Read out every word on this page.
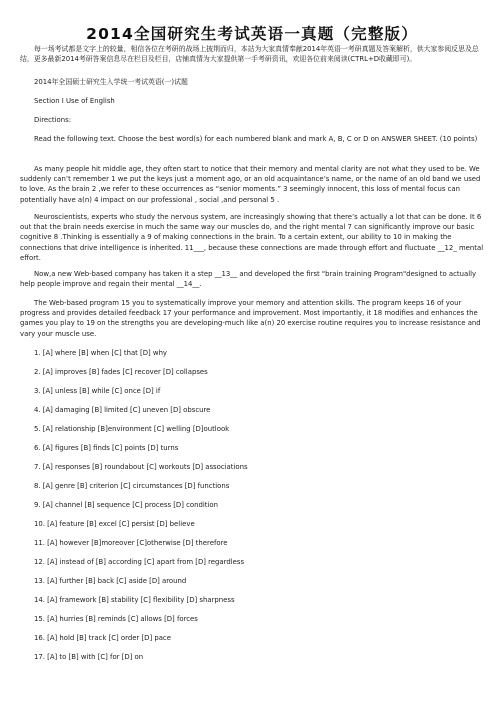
2014全国研究生考试英语一真题（完整版）

每一场考试都是文字上的较量，相信各位在考研的战场上披荆而归，本站为大家真情奉献2014年英语一考研真题及答案解析，供大家参阅反思及总结，更多最新2014考研答案信息尽在栏目及栏目，店铺真情为大家提供第一手考研资讯，欢迎各位前来阅读(CTRL+D收藏即可)。

2014年全国硕士研究生入学统一考试英语(一)试题

Section I Use of English

Directions:

Read the following text. Choose the best word(s) for each numbered blank and mark A, B, C or D on ANSWER SHEET. (10 points)

As many people hit middle age, they often start to notice that their memory and mental clarity are not what they used to be. We suddenly can’t remember 1 we put the keys just a moment ago, or an old acquaintance’s name, or the name of an old band we used to love. As the brain 2 ,we refer to these occurrences as “senior moments.” 3 seemingly innocent, this loss of mental focus can potentially have a(n) 4 impact on our professional , social ,and personal 5 .

Neuroscientists, experts who study the nervous system, are increasingly showing that there’s actually a lot that can be done. It 6 out that the brain needs exercise in much the same way our muscles do, and the right mental 7 can significantly improve our basic cognitive 8 .Thinking is essentially a 9 of making connections in the brain. To a certain extent, our ability to 10 in making the connections that drive intelligence is inherited. 11___, because these connections are made through effort and fluctuate __12_ mental effort.

Now,a new Web-based company has taken it a step __13__ and developed the first "brain training Program"designed to actually help people improve and regain their mental __14__.

The Web-based program 15 you to systematically improve your memory and attention skills. The program keeps 16 of your progress and provides detailed feedback 17 your performance and improvement. Most importantly, it 18 modifies and enhances the games you play to 19 on the strengths you are developing-much like a(n) 20 exercise routine requires you to increase resistance and vary your muscle use.

1. [A] where [B] when [C] that [D] why
2. [A] improves [B] fades [C] recover [D] collapses
3. [A] unless [B] while [C] once [D] if
4. [A] damaging [B] limited [C] uneven [D] obscure
5. [A] relationship [B]environment [C] welling [D]outlook
6. [A] figures [B] finds [C] points [D] turns
7. [A] responses [B] roundabout [C] workouts [D] associations
8. [A] genre [B] criterion [C] circumstances [D] functions
9. [A] channel [B] sequence [C] process [D] condition
10. [A] feature [B] excel [C] persist [D] believe
11. [A] however [B]moreover [C]otherwise [D] therefore
12. [A] instead of [B] according [C] apart from [D] regardless
13. [A] further [B] back [C] aside [D] around
14. [A] framework [B] stability [C] flexibility [D] sharpness
15. [A] hurries [B] reminds [C] allows [D] forces
16. [A] hold [B] track [C] order [D] pace
17. [A] to [B] with [C] for [D] on
